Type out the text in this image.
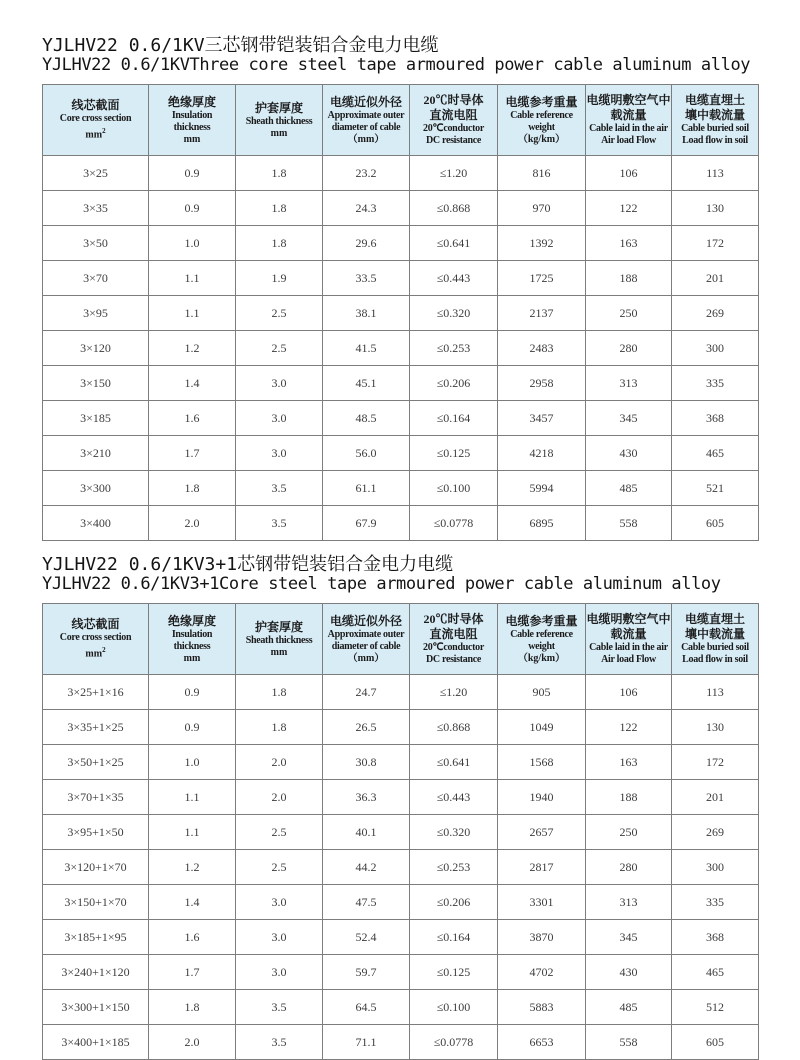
YJLHV22 0.6/1KV三芯钢带铠装铝合金电力电缆
YJLHV22 0.6/1KVThree core steel tape armoured power cable aluminum alloy
线芯截面
Core cross section
$mm^2$

绝缘厚度
Insulation
thickness
mm

护套厚度
Sheath thickness
mm

电缆近似外径
Approximate outer
diameter of cable
（mm）

20℃时导体
直流电阻
20℃conductor
DC resistance

电缆参考重量
Cable reference
weight
（kg/km）

电缆明敷空气中
载流量
Cable laid in the air
Air load Flow

电缆直埋土
壤中载流量
Cable buried soil
Load flow in soil

3×25	0.9	1.8	23.2	≤1.20	816	106	113
3×35	0.9	1.8	24.3	≤0.868	970	122	130
3×50	1.0	1.8	29.6	≤0.641	1392	163	172
3×70	1.1	1.9	33.5	≤0.443	1725	188	201
3×95	1.1	2.5	38.1	≤0.320	2137	250	269
3×120	1.2	2.5	41.5	≤0.253	2483	280	300
3×150	1.4	3.0	45.1	≤0.206	2958	313	335
3×185	1.6	3.0	48.5	≤0.164	3457	345	368
3×210	1.7	3.0	56.0	≤0.125	4218	430	465
3×300	1.8	3.5	61.1	≤0.100	5994	485	521
3×400	2.0	3.5	67.9	≤0.0778	6895	558	605
YJLHV22 0.6/1KV3+1芯钢带铠装铝合金电力电缆
YJLHV22 0.6/1KV3+1Core steel tape armoured power cable aluminum alloy
线芯截面
Core cross section
$mm^2$

绝缘厚度
Insulation
thickness
mm

护套厚度
Sheath thickness
mm

电缆近似外径
Approximate outer
diameter of cable
（mm）

20℃时导体
直流电阻
20℃conductor
DC resistance

电缆参考重量
Cable reference
weight
（kg/km）

电缆明敷空气中
载流量
Cable laid in the air
Air load Flow

电缆直埋土
壤中载流量
Cable buried soil
Load flow in soil

3×25+1×16	0.9	1.8	24.7	≤1.20	905	106	113
3×35+1×25	0.9	1.8	26.5	≤0.868	1049	122	130
3×50+1×25	1.0	2.0	30.8	≤0.641	1568	163	172
3×70+1×35	1.1	2.0	36.3	≤0.443	1940	188	201
3×95+1×50	1.1	2.5	40.1	≤0.320	2657	250	269
3×120+1×70	1.2	2.5	44.2	≤0.253	2817	280	300
3×150+1×70	1.4	3.0	47.5	≤0.206	3301	313	335
3×185+1×95	1.6	3.0	52.4	≤0.164	3870	345	368
3×240+1×120	1.7	3.0	59.7	≤0.125	4702	430	465
3×300+1×150	1.8	3.5	64.5	≤0.100	5883	485	512
3×400+1×185	2.0	3.5	71.1	≤0.0778	6653	558	605
